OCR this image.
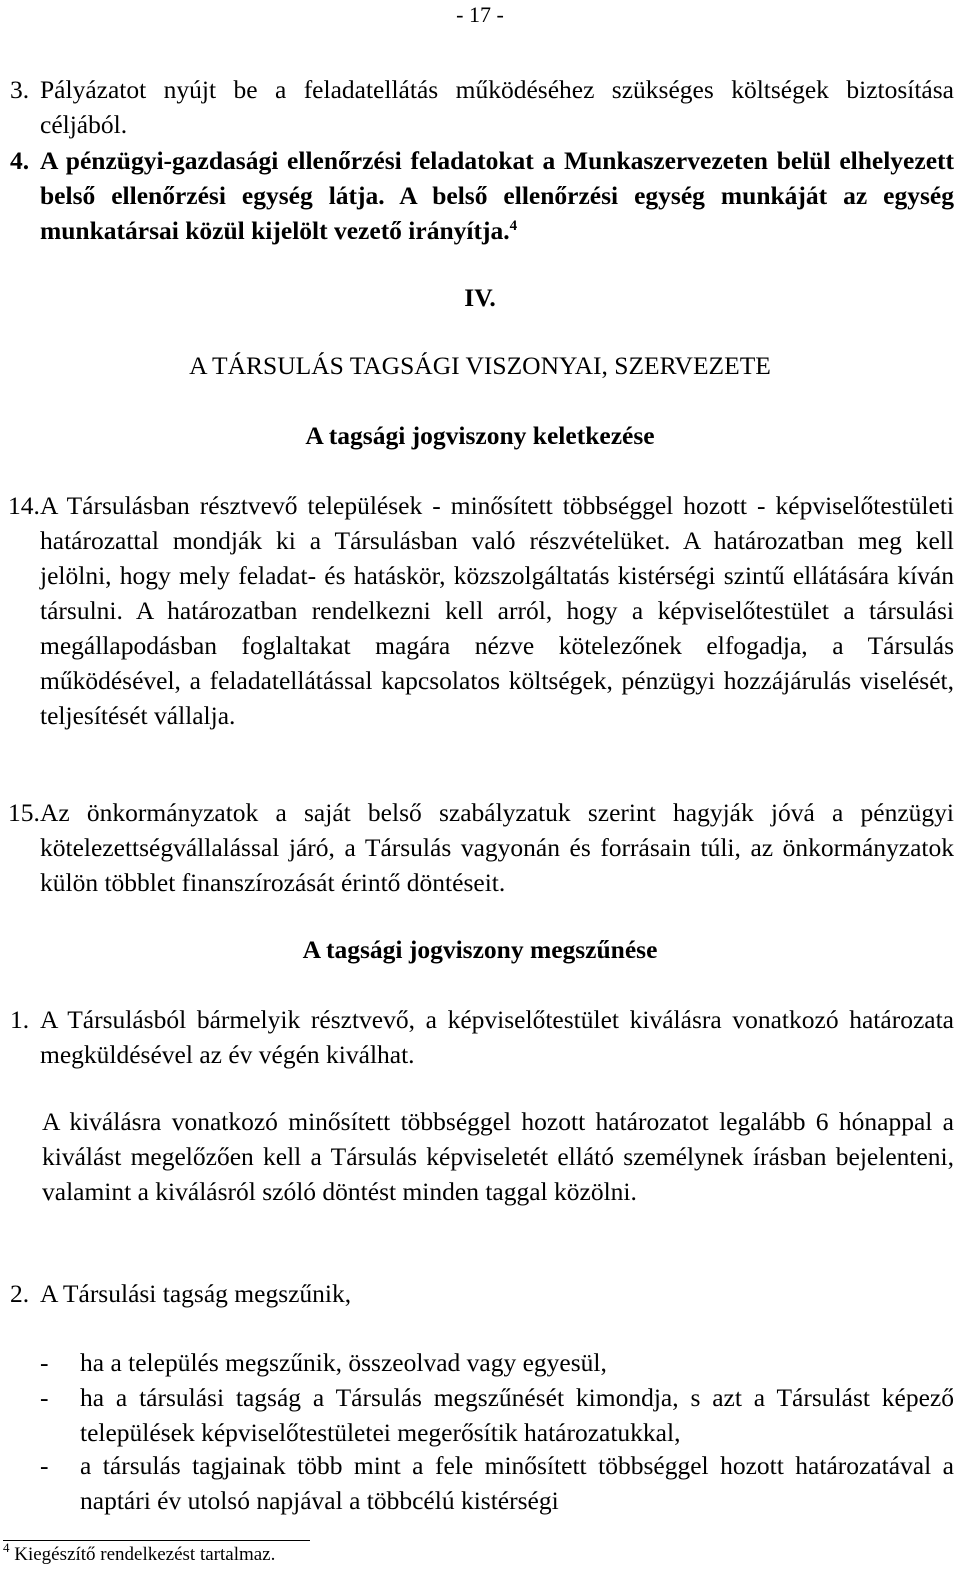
- 17 -
3. Pályázatot nyújt be a feladatellátás működéséhez szükséges költségek biztosítása céljából.
4. A pénzügyi-gazdasági ellenőrzési feladatokat a Munkaszervezeten belül elhelyezett belső ellenőrzési egység látja. A belső ellenőrzési egység munkáját az egység munkatársai közül kijelölt vezető irányítja.$^4$
IV.
A TÁRSULÁS TAGSÁGI VISZONYAI, SZERVEZETE
A tagsági jogviszony keletkezése
14. A Társulásban résztvevő települések - minősített többséggel hozott - képviselőtestületi határozattal mondják ki a Társulásban való részvételüket. A határozatban meg kell jelölni, hogy mely feladat- és hatáskör, közszolgáltatás kistérségi szintű ellátására kíván társulni. A határozatban rendelkezni kell arról, hogy a képviselőtestület a társulási megállapodásban foglaltakat magára nézve kötelezőnek elfogadja, a Társulás működésével, a feladatellátással kapcsolatos költségek, pénzügyi hozzájárulás viselését, teljesítését vállalja.
15. Az önkormányzatok a saját belső szabályzatuk szerint hagyják jóvá a pénzügyi kötelezettségvállalással járó, a Társulás vagyonán és forrásain túli, az önkormányzatok külön többlet finanszírozását érintő döntéseit.
A tagsági jogviszony megszűnése
1. A Társulásból bármelyik résztvevő, a képviselőtestület kiválásra vonatkozó határozata megküldésével az év végén kiválhat.
A kiválásra vonatkozó minősített többséggel hozott határozatot legalább 6 hónappal a kiválást megelőzően kell a Társulás képviseletét ellátó személynek írásban bejelenteni, valamint a kiválásról szóló döntést minden taggal közölni.
2. A Társulási tagság megszűnik,
- ha a település megszűnik, összeolvad vagy egyesül,
- ha a társulási tagság a Társulás megszűnését kimondja, s azt a Társulást képező települések képviselőtestületei megerősítik határozatukkal,
- a társulás tagjainak több mint a fele minősített többséggel hozott határozatával a naptári év utolsó napjával a többcélú kistérségi
$^4$ Kiegészítő rendelkezést tartalmaz.
